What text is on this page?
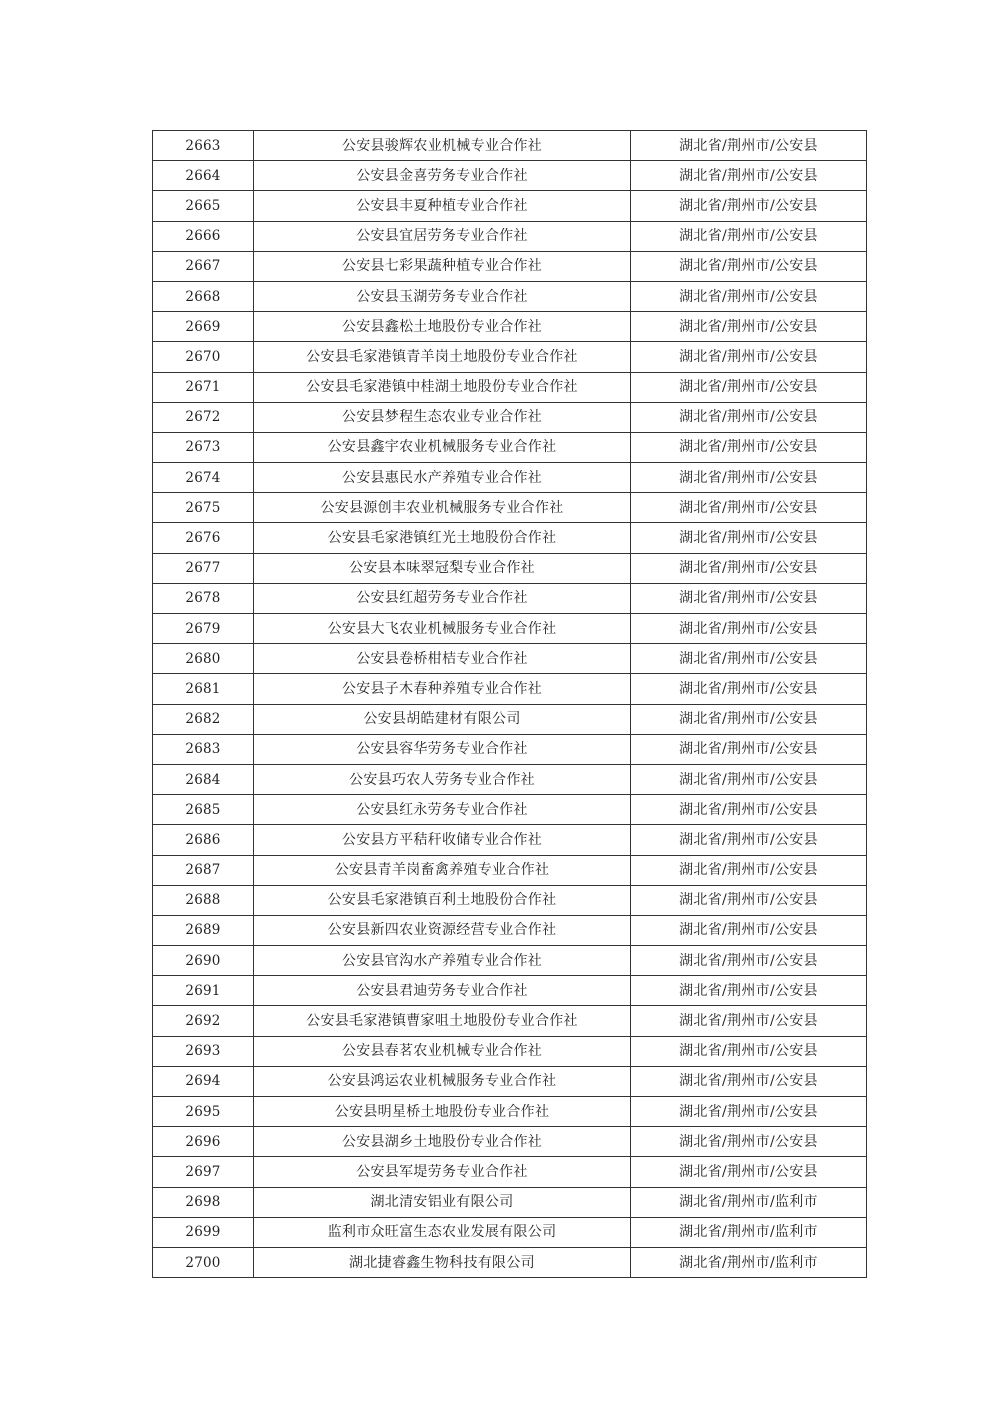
2663	公安县骏辉农业机械专业合作社	湖北省/荆州市/公安县
2664	公安县金喜劳务专业合作社	湖北省/荆州市/公安县
2665	公安县丰夏种植专业合作社	湖北省/荆州市/公安县
2666	公安县宜居劳务专业合作社	湖北省/荆州市/公安县
2667	公安县七彩果蔬种植专业合作社	湖北省/荆州市/公安县
2668	公安县玉湖劳务专业合作社	湖北省/荆州市/公安县
2669	公安县鑫松土地股份专业合作社	湖北省/荆州市/公安县
2670	公安县毛家港镇青羊岗土地股份专业合作社	湖北省/荆州市/公安县
2671	公安县毛家港镇中桂湖土地股份专业合作社	湖北省/荆州市/公安县
2672	公安县梦程生态农业专业合作社	湖北省/荆州市/公安县
2673	公安县鑫宇农业机械服务专业合作社	湖北省/荆州市/公安县
2674	公安县惠民水产养殖专业合作社	湖北省/荆州市/公安县
2675	公安县源创丰农业机械服务专业合作社	湖北省/荆州市/公安县
2676	公安县毛家港镇红光土地股份合作社	湖北省/荆州市/公安县
2677	公安县本味翠冠梨专业合作社	湖北省/荆州市/公安县
2678	公安县红超劳务专业合作社	湖北省/荆州市/公安县
2679	公安县大飞农业机械服务专业合作社	湖北省/荆州市/公安县
2680	公安县卷桥柑桔专业合作社	湖北省/荆州市/公安县
2681	公安县子木春种养殖专业合作社	湖北省/荆州市/公安县
2682	公安县胡皓建材有限公司	湖北省/荆州市/公安县
2683	公安县容华劳务专业合作社	湖北省/荆州市/公安县
2684	公安县巧农人劳务专业合作社	湖北省/荆州市/公安县
2685	公安县红永劳务专业合作社	湖北省/荆州市/公安县
2686	公安县方平秸秆收储专业合作社	湖北省/荆州市/公安县
2687	公安县青羊岗畜禽养殖专业合作社	湖北省/荆州市/公安县
2688	公安县毛家港镇百利土地股份合作社	湖北省/荆州市/公安县
2689	公安县新四农业资源经营专业合作社	湖北省/荆州市/公安县
2690	公安县官沟水产养殖专业合作社	湖北省/荆州市/公安县
2691	公安县君迪劳务专业合作社	湖北省/荆州市/公安县
2692	公安县毛家港镇曹家咀土地股份专业合作社	湖北省/荆州市/公安县
2693	公安县春茗农业机械专业合作社	湖北省/荆州市/公安县
2694	公安县鸿运农业机械服务专业合作社	湖北省/荆州市/公安县
2695	公安县明星桥土地股份专业合作社	湖北省/荆州市/公安县
2696	公安县湖乡土地股份专业合作社	湖北省/荆州市/公安县
2697	公安县军堤劳务专业合作社	湖北省/荆州市/公安县
2698	湖北清安铝业有限公司	湖北省/荆州市/监利市
2699	监利市众旺富生态农业发展有限公司	湖北省/荆州市/监利市
2700	湖北捷睿鑫生物科技有限公司	湖北省/荆州市/监利市
